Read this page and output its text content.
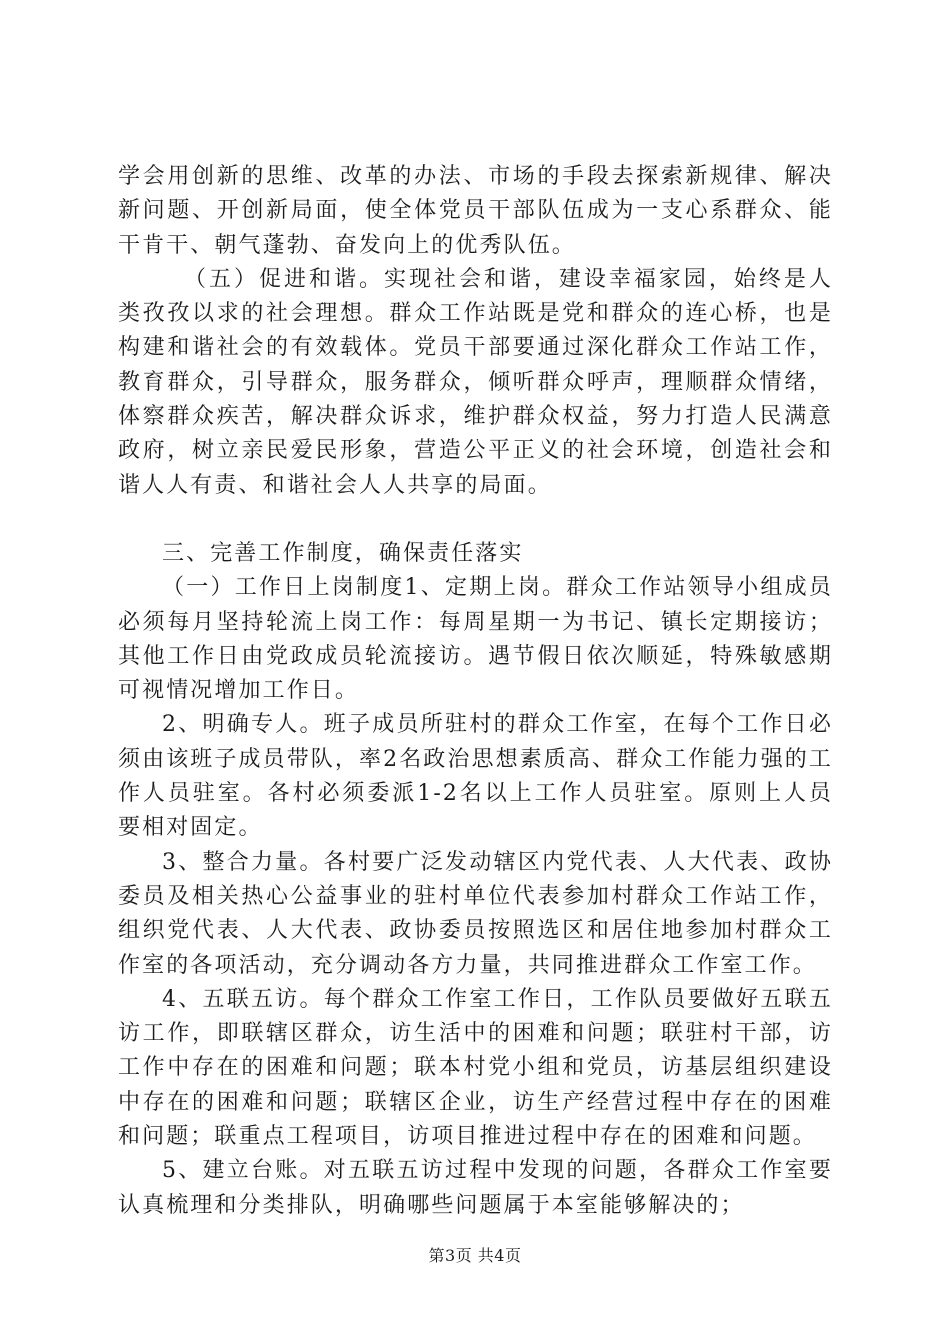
学会用创新的思维、改革的办法、市场的手段去探索新规律、解决新问题、开创新局面，使全体党员干部队伍成为一支心系群众、能干肯干、朝气蓬勃、奋发向上的优秀队伍。

（五）促进和谐。实现社会和谐，建设幸福家园，始终是人类孜孜以求的社会理想。群众工作站既是党和群众的连心桥，也是构建和谐社会的有效载体。党员干部要通过深化群众工作站工作，教育群众，引导群众，服务群众，倾听群众呼声，理顺群众情绪，体察群众疾苦，解决群众诉求，维护群众权益，努力打造人民满意政府，树立亲民爱民形象，营造公平正义的社会环境，创造社会和谐人人有责、和谐社会人人共享的局面。

三、完善工作制度，确保责任落实

（一）工作日上岗制度1、定期上岗。群众工作站领导小组成员必须每月坚持轮流上岗工作：每周星期一为书记、镇长定期接访；其他工作日由党政成员轮流接访。遇节假日依次顺延，特殊敏感期可视情况增加工作日。

2、明确专人。班子成员所驻村的群众工作室，在每个工作日必须由该班子成员带队，率2名政治思想素质高、群众工作能力强的工作人员驻室。各村必须委派1-2名以上工作人员驻室。原则上人员要相对固定。

3、整合力量。各村要广泛发动辖区内党代表、人大代表、政协委员及相关热心公益事业的驻村单位代表参加村群众工作站工作，组织党代表、人大代表、政协委员按照选区和居住地参加村群众工作室的各项活动，充分调动各方力量，共同推进群众工作室工作。

4、五联五访。每个群众工作室工作日，工作队员要做好五联五访工作，即联辖区群众，访生活中的困难和问题；联驻村干部，访工作中存在的困难和问题；联本村党小组和党员，访基层组织建设中存在的困难和问题；联辖区企业，访生产经营过程中存在的困难和问题；联重点工程项目，访项目推进过程中存在的困难和问题。

5、建立台账。对五联五访过程中发现的问题，各群众工作室要认真梳理和分类排队，明确哪些问题属于本室能够解决的；

第3页 共4页
